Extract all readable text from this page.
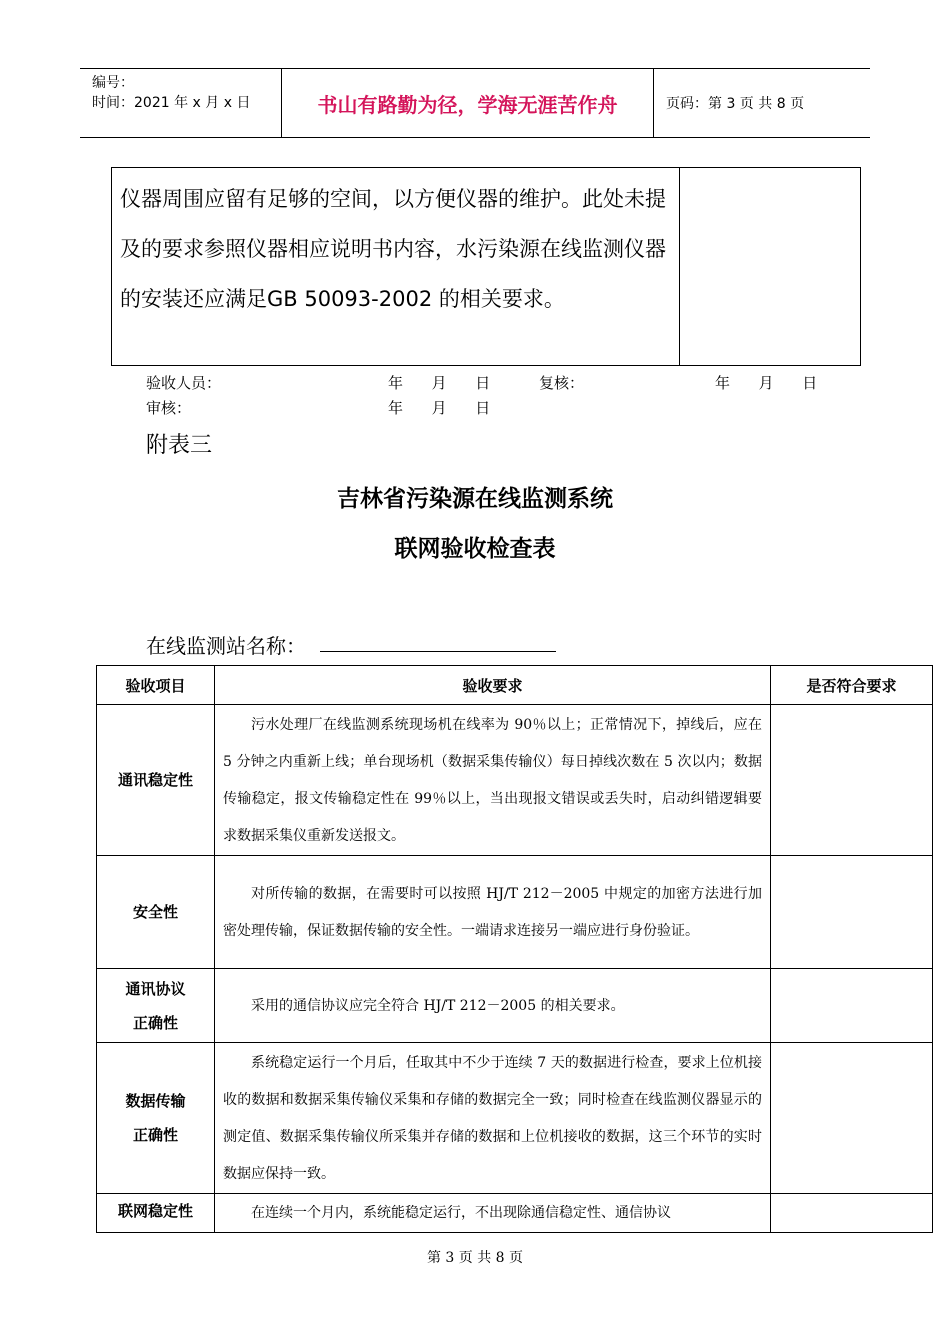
编号：
时间：2021 年 x 月 x 日	书山有路勤为径，学海无涯苦作舟	页码：第 3 页 共 8 页
仪器周围应留有足够的空间，以方便仪器的维护。此处未提及的要求参照仪器相应说明书内容，水污染源在线监测仪器的安装还应满足GB 50093-2002 的相关要求。
验收人员：	年      月      日	复核：	年      月      日
审核：	年      月      日
附表三
吉林省污染源在线监测系统
联网验收检查表
在线监测站名称：
验收项目	验收要求	是否符合要求
通讯稳定性	污水处理厂在线监测系统现场机在线率为 90％以上；正常情况下，掉线后，应在 5 分钟之内重新上线；单台现场机（数据采集传输仪）每日掉线次数在 5 次以内；数据传输稳定，报文传输稳定性在 99％以上，当出现报文错误或丢失时，启动纠错逻辑要求数据采集仪重新发送报文。	
安全性	对所传输的数据，在需要时可以按照 HJ/T 212－2005 中规定的加密方法进行加密处理传输，保证数据传输的安全性。一端请求连接另一端应进行身份验证。	

通讯协议
正确性	采用的通信协议应完全符合 HJ/T 212－2005 的相关要求。	

数据传输
正确性	系统稳定运行一个月后，任取其中不少于连续 7 天的数据进行检查，要求上位机接收的数据和数据采集传输仪采集和存储的数据完全一致；同时检查在线监测仪器显示的测定值、数据采集传输仪所采集并存储的数据和上位机接收的数据，这三个环节的实时数据应保持一致。	
联网稳定性	在连续一个月内，系统能稳定运行，不出现除通信稳定性、通信协议	
第 3 页 共 8 页
